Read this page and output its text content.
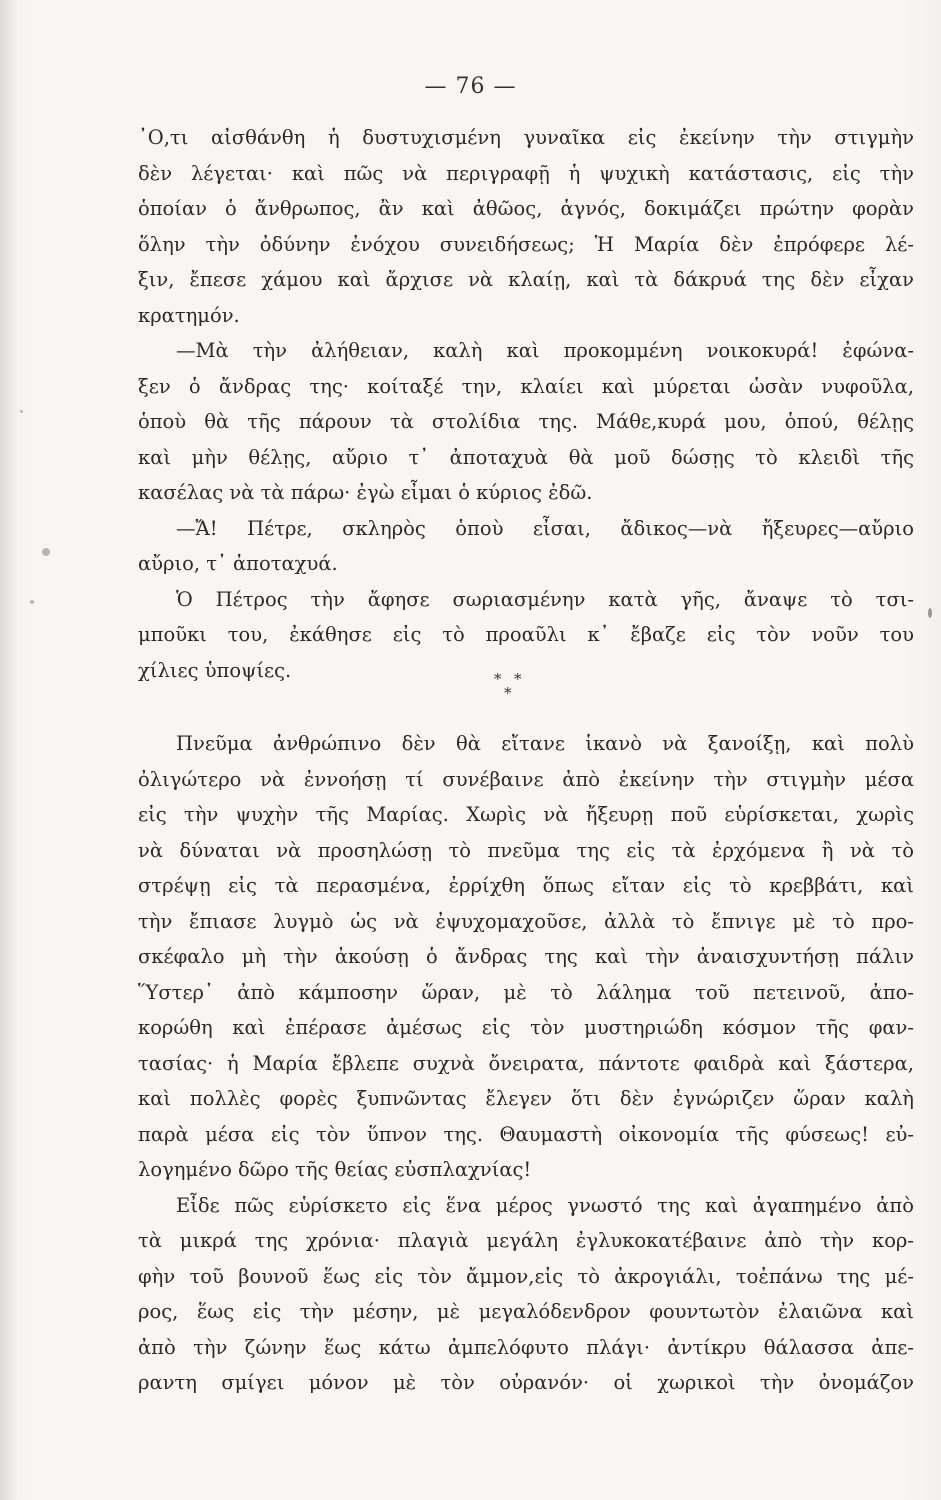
— 76 —
᾿Ο,τι αἰσθάνθη ἡ δυστυχισμένη γυναῖκα εἰς ἐκείνην τὴν στιγμὴν
δὲν λέγεται· καὶ πῶς νὰ περιγραφῇ ἡ ψυχικὴ κατάστασις, εἰς τὴν
ὁποίαν ὁ ἄνθρωπος, ἂν καὶ ἀθῶος, ἁγνός, δοκιμάζει πρώτην φορὰν
ὅλην τὴν ὀδύνην ἐνόχου συνειδήσεως; Ἡ Μαρία δὲν ἐπρόφερε λέ-
ξιν, ἔπεσε χάμου καὶ ἄρχισε νὰ κλαίῃ, καὶ τὰ δάκρυά της δὲν εἶχαν
κρατημόν.
—Μὰ τὴν ἀλήθειαν, καλὴ καὶ προκομμένη νοικοκυρά! ἐφώνα-
ξεν ὁ ἄνδρας της· κοίταξέ την, κλαίει καὶ μύρεται ὡσὰν νυφοῦλα,
ὁποὺ θὰ τῆς πάρουν τὰ στολίδια της. Μάθε,κυρά μου, ὁπού, θέλῃς
καὶ μὴν θέλῃς, αὔριο τ᾿ ἀποταχυὰ θὰ μοῦ δώσῃς τὸ κλειδὶ τῆς
κασέλας νὰ τὰ πάρω· ἐγὼ εἶμαι ὁ κύριος ἐδῶ.
—Ἄ! Πέτρε, σκληρὸς ὁποὺ εἶσαι, ἄδικος—νὰ ἤξευρες—αὔριο
αὔριο, τ᾿ ἀποταχυά.
Ὁ Πέτρος τὴν ἄφησε σωριασμένην κατὰ γῆς, ἄναψε τὸ τσι-
μποῦκι του, ἐκάθησε εἰς τὸ προαῦλι κ᾿ ἔβαζε εἰς τὸν νοῦν του
χίλιες ὑποψίες.	* *
*
Πνεῦμα ἀνθρώπινο δὲν θὰ εἴτανε ἱκανὸ νὰ ξανοίξῃ, καὶ πολὺ
ὀλιγώτερο νὰ ἐννοήσῃ τί συνέβαινε ἀπὸ ἐκείνην τὴν στιγμὴν μέσα
εἰς τὴν ψυχὴν τῆς Μαρίας. Χωρὶς νὰ ἤξευρῃ ποῦ εὑρίσκεται, χωρὶς
νὰ δύναται νὰ προσηλώσῃ τὸ πνεῦμα της εἰς τὰ ἐρχόμενα ἢ νὰ τὸ
στρέψῃ εἰς τὰ περασμένα, ἐρρίχθη ὅπως εἴταν εἰς τὸ κρεββάτι, καὶ
τὴν ἔπιασε λυγμὸ ὡς νὰ ἐψυχομαχοῦσε, ἀλλὰ τὸ ἔπνιγε μὲ τὸ προ-
σκέφαλο μὴ τὴν ἀκούσῃ ὁ ἄνδρας της καὶ τὴν ἀναισχυντήσῃ πάλιν
Ὕστερ᾿ ἀπὸ κάμποσην ὥραν, μὲ τὸ λάλημα τοῦ πετεινοῦ, ἀπο-
κορώθη καὶ ἐπέρασε ἀμέσως εἰς τὸν μυστηριώδη κόσμον τῆς φαν-
τασίας· ἡ Μαρία ἔβλεπε συχνὰ ὄνειρατα, πάντοτε φαιδρὰ καὶ ξάστερα,
καὶ πολλὲς φορὲς ξυπνῶντας ἔλεγεν ὅτι δὲν ἐγνώριζεν ὥραν καλὴ
παρὰ μέσα εἰς τὸν ὕπνον της. Θαυμαστὴ οἰκονομία τῆς φύσεως! εὐ-
λογημένο δῶρο τῆς θείας εὐσπλαχνίας!
Εἶδε πῶς εὑρίσκετο εἰς ἕνα μέρος γνωστό της καὶ ἀγαπημένο ἀπὸ
τὰ μικρά της χρόνια· πλαγιὰ μεγάλη ἐγλυκοκατέβαινε ἀπὸ τὴν κορ-
φὴν τοῦ βουνοῦ ἕως εἰς τὸν ἄμμον,εἰς τὸ ἀκρογιάλι, τοἐπάνω της μέ-
ρος, ἕως εἰς τὴν μέσην, μὲ μεγαλόδενδρον φουντωτὸν ἐλαιῶνα καὶ
ἀπὸ τὴν ζώνην ἕως κάτω ἀμπελόφυτο πλάγι· ἀντίκρυ θάλασσα ἀπε-
ραντη σμίγει μόνον μὲ τὸν οὐρανόν· οἱ χωρικοὶ τὴν ὀνομάζον
